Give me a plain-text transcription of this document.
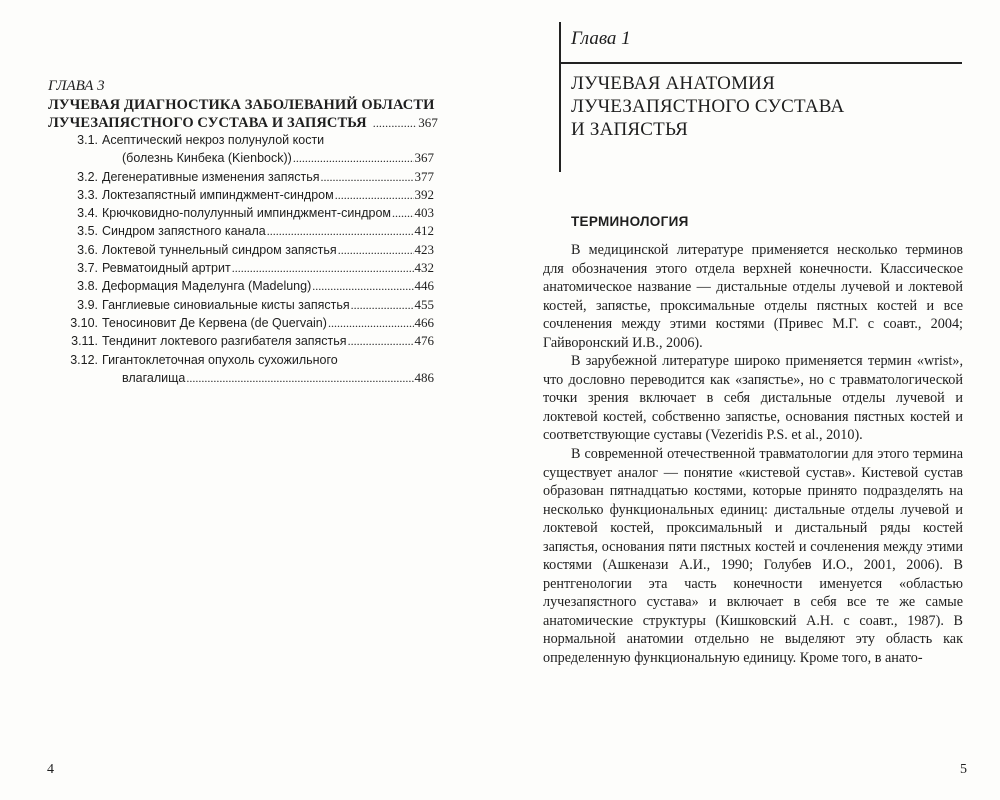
ГЛАВА 3
ЛУЧЕВАЯ ДИАГНОСТИКА ЗАБОЛЕВАНИЙ ОБЛАСТИ
ЛУЧЕЗАПЯСТНОГО СУСТАВА И ЗАПЯСТЬЯ .....	367
3.1. Асептический некроз полунулой кости
(болезнь Кинбека (Kienbock)) .....	367
3.2. Дегенеративные изменения запястья .....	377
3.3. Локтезапястный импинджмент-синдром .....	392
3.4. Крючковидно-полулунный импинджмент-синдром ..... 403
3.5. Синдром запястного канала .....	412
3.6. Локтевой туннельный синдром запястья .....	423
3.7. Ревматоидный артрит .....	432
3.8. Деформация Маделунга (Madelung) .....	446
3.9. Ганглиевые синовиальные кисты запястья .....	455
3.10. Теносиновит Де Кервена (de Quervain) .....	466
3.11. Тендинит локтевого разгибателя запястья .....	476
3.12. Гигантоклеточная опухоль сухожильного
влагалища .....	486
4
Глава 1
ЛУЧЕВАЯ АНАТОМИЯ
ЛУЧЕЗАПЯСТНОГО СУСТАВА
И ЗАПЯСТЬЯ
ТЕРМИНОЛОГИЯ

В медицинской литературе применяется несколько терминов для обозначения этого отдела верхней конечности. Классическое анатомическое название — дистальные отделы лучевой и локтевой костей, запястье, проксимальные отделы пястных костей и все сочленения между этими костями (Привес М.Г. с соавт., 2004; Гайворонский И.В., 2006).

В зарубежной литературе широко применяется термин «wrist», что дословно переводится как «запястье», но с травматологической точки зрения включает в себя дистальные отделы лучевой и локтевой костей, собственно запястье, основания пястных костей и соответствующие суставы (Vezeridis P.S. et al., 2010).

В современной отечественной травматологии для этого термина существует аналог — понятие «кистевой сустав». Кистевой сустав образован пятнадцатью костями, которые принято подразделять на несколько функциональных единиц: дистальные отделы лучевой и локтевой костей, проксимальный и дистальный ряды костей запястья, основания пяти пястных костей и сочленения между этими костями (Ашкенази А.И., 1990; Голубев И.О., 2001, 2006). В рентгенологии эта часть конечности именуется «областью лучезапястного сустава» и включает в себя все те же самые анатомические структуры (Кишковский А.Н. с соавт., 1987). В нормальной анатомии отдельно не выделяют эту область как определенную функциональную единицу. Кроме того, в анато-

5
